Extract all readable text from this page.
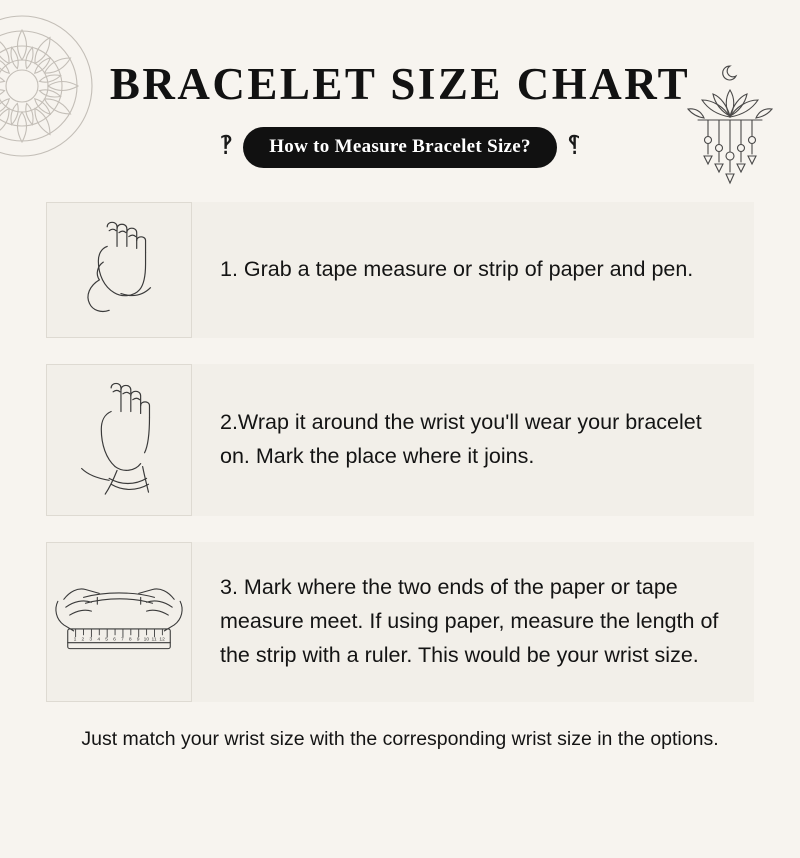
BRACELET SIZE CHART
‽	How to Measure Bracelet Size?	‽
1. Grab a tape measure or strip of paper and pen.
2.Wrap it around the wrist you'll wear your bracelet on. Mark the place where it joins.
1 2 3 4 5 6 7 8 9 10 11 12
3. Mark where the two ends of the paper or tape measure meet. If using paper, measure the length of the strip with a ruler. This would be your wrist size.
Just match your wrist size with the corresponding wrist size in the options.
